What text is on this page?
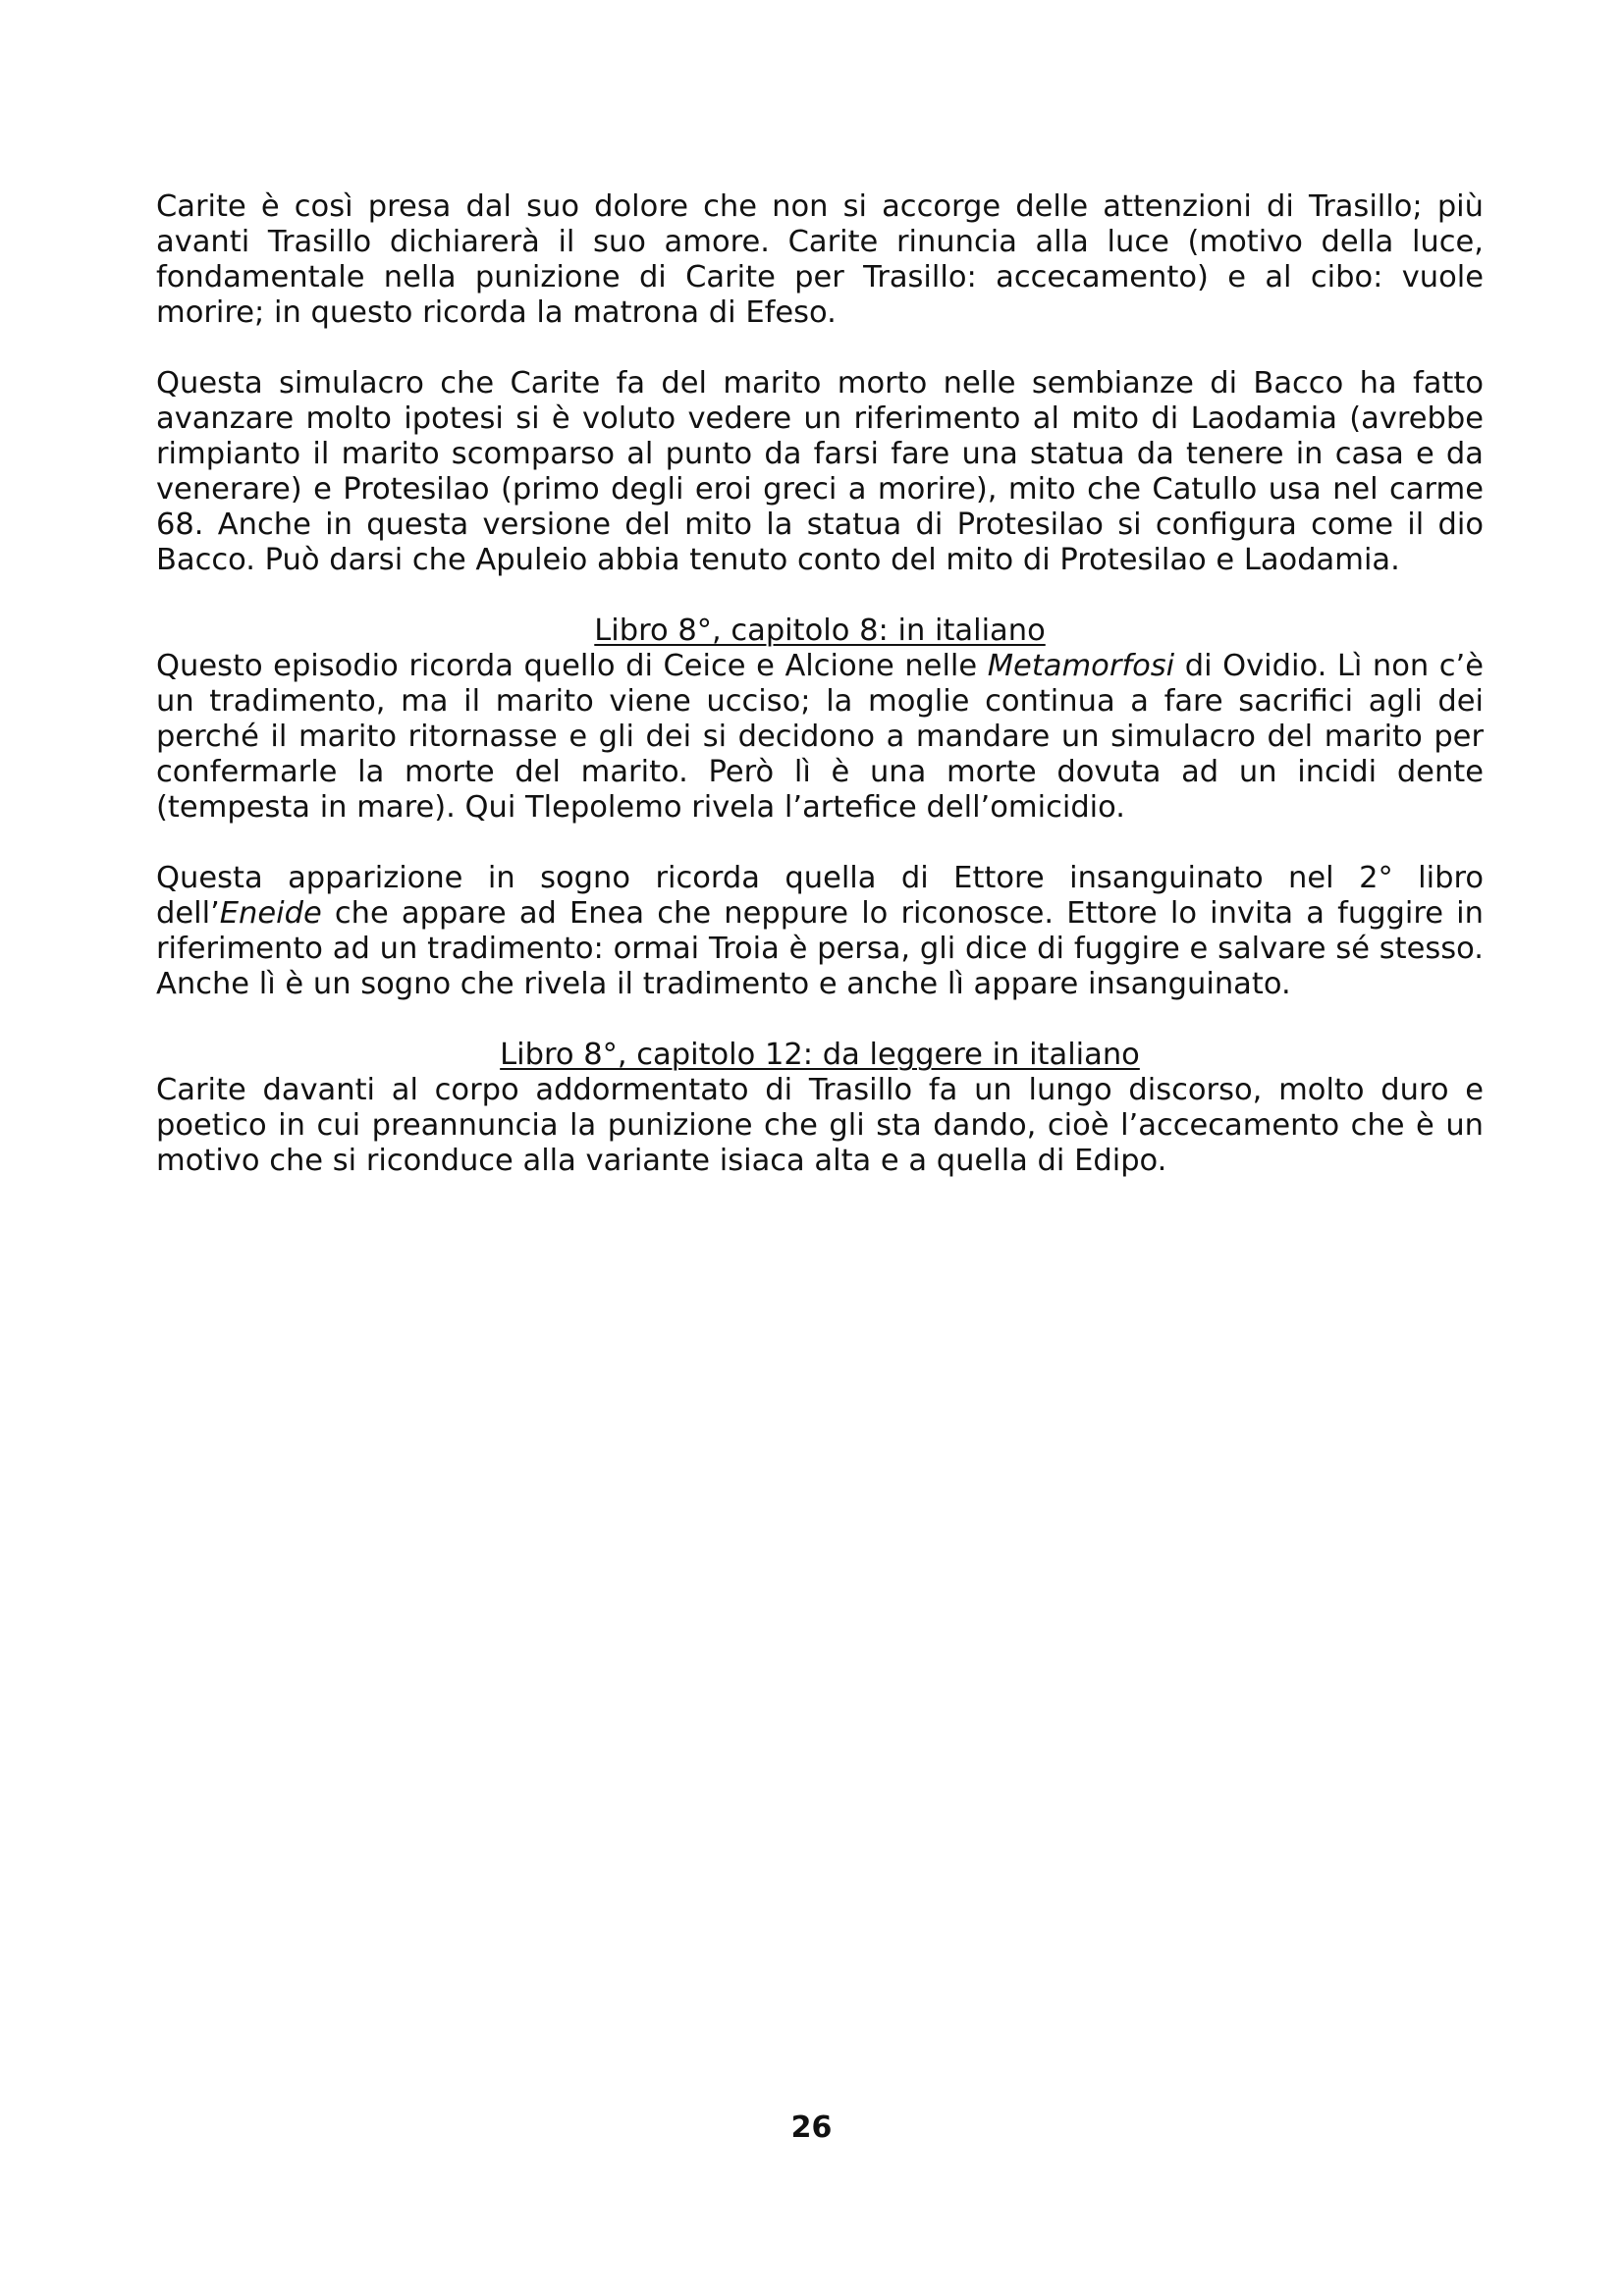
Carite è così presa dal suo dolore che non si accorge delle attenzioni di Trasillo; più avanti Trasillo dichiarerà il suo amore. Carite rinuncia alla luce (motivo della luce, fondamentale nella punizione di Carite per Trasillo: accecamento) e al cibo: vuole morire; in questo ricorda la matrona di Efeso.

Questa simulacro che Carite fa del marito morto nelle sembianze di Bacco ha fatto avanzare molto ipotesi si è voluto vedere un riferimento al mito di Laodamia (avrebbe rimpianto il marito scomparso al punto da farsi fare una statua da tenere in casa e da venerare) e Protesilao (primo degli eroi greci a morire), mito che Catullo usa nel carme 68. Anche in questa versione del mito la statua di Protesilao si configura come il dio Bacco. Può darsi che Apuleio abbia tenuto conto del mito di Protesilao e Laodamia.

Libro 8°, capitolo 8: in italiano

Questo episodio ricorda quello di Ceice e Alcione nelle Metamorfosi di Ovidio. Lì non c’è un tradimento, ma il marito viene ucciso; la moglie continua a fare sacrifici agli dei perché il marito ritornasse e gli dei si decidono a mandare un simulacro del marito per confermarle la morte del marito. Però lì è una morte dovuta ad un incidi dente (tempesta in mare). Qui Tlepolemo rivela l’artefice dell’omicidio.

Questa apparizione in sogno ricorda quella di Ettore insanguinato nel 2° libro dell’Eneide che appare ad Enea che neppure lo riconosce. Ettore lo invita a fuggire in riferimento ad un tradimento: ormai Troia è persa, gli dice di fuggire e salvare sé stesso. Anche lì è un sogno che rivela il tradimento e anche lì appare insanguinato.

Libro 8°, capitolo 12: da leggere in italiano

Carite davanti al corpo addormentato di Trasillo fa un lungo discorso, molto duro e poetico in cui preannuncia la punizione che gli sta dando, cioè l’accecamento che è un motivo che si riconduce alla variante isiaca alta e a quella di Edipo.

26
